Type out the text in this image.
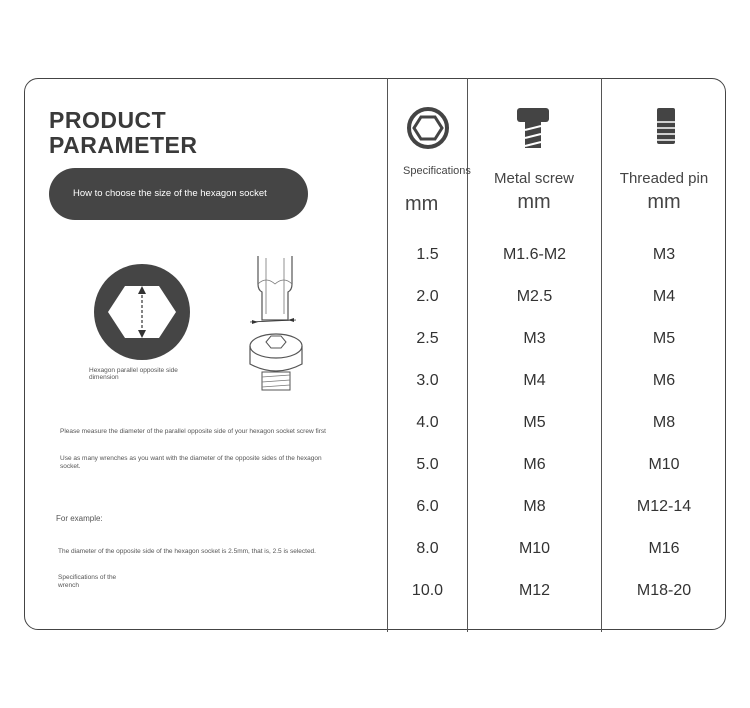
PRODUCT
PARAMETER
How to choose the size of the hexagon socket
Hexagon parallel opposite side dimension
Please measure the diameter of the parallel opposite side of your hexagon socket screw first
Use as many wrenches as you want with the diameter of the opposite sides of the hexagon socket.
For example:
The diameter of the opposite side of the hexagon socket is 2.5mm, that is, 2.5 is selected.
Specifications of the wrench
Specifications
mm
Metal screw
mm
Threaded pin
mm
1.5	M1.6-M2	M3
2.0	M2.5	M4
2.5	M3	M5
3.0	M4	M6
4.0	M5	M8
5.0	M6	M10
6.0	M8	M12-14
8.0	M10	M16
10.0	M12	M18-20
